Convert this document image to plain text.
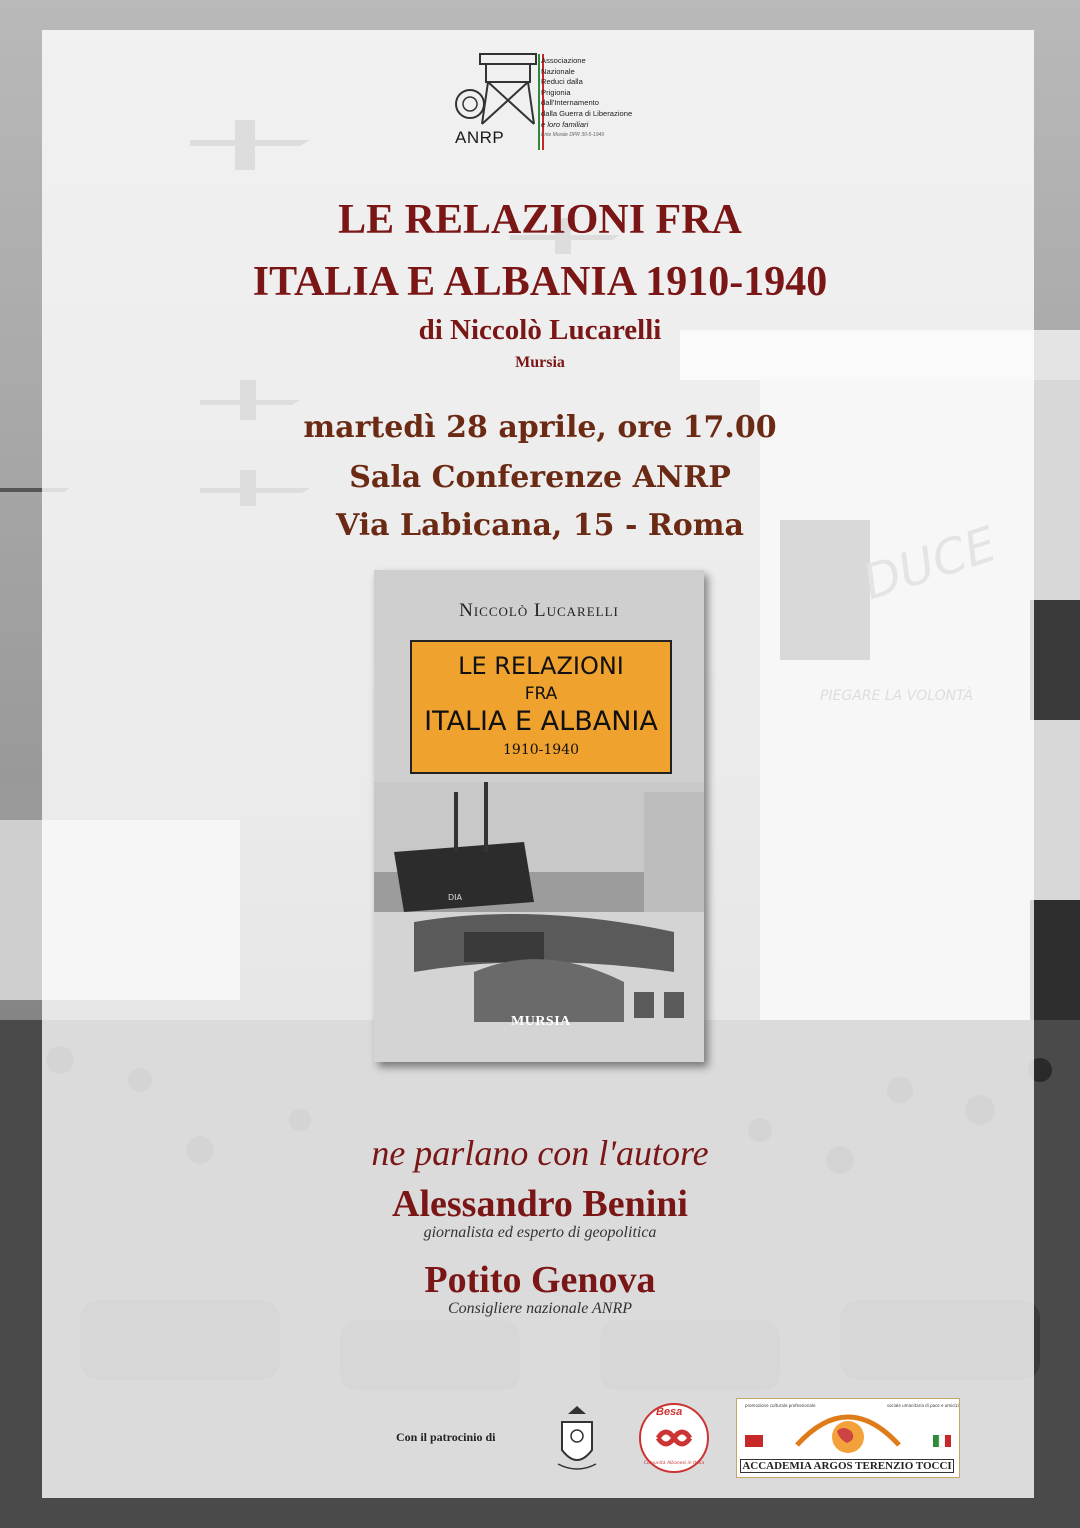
ANRP
Associazione
Nazionale
Reduci dalla
Prigionia
dall'Internamento
dalla Guerra di Liberazione
e loro familiari
Ente Morale DPR 30-5-1949
LE RELAZIONI FRA
ITALIA E ALBANIA 1910-1940
di Niccolò Lucarelli
Mursia
martedì 28 aprile, ore 17.00
Sala Conferenze ANRP
Via Labicana, 15 - Roma
Niccolò Lucarelli
LE RELAZIONI
FRA
ITALIA E ALBANIA
1910-1940
DIA
MURSIA
ne parlano con l'autore
Alessandro Benini
giornalista ed esperto di geopolitica
Potito Genova
Consigliere nazionale ANRP
Con il patrocinio di
Comunità Albanesi in Italia
Besa
promozione culturale professionale	sociale umanitaria di pace e amicizia
ACCADEMIA ARGOS TERENZIO TOCCI
